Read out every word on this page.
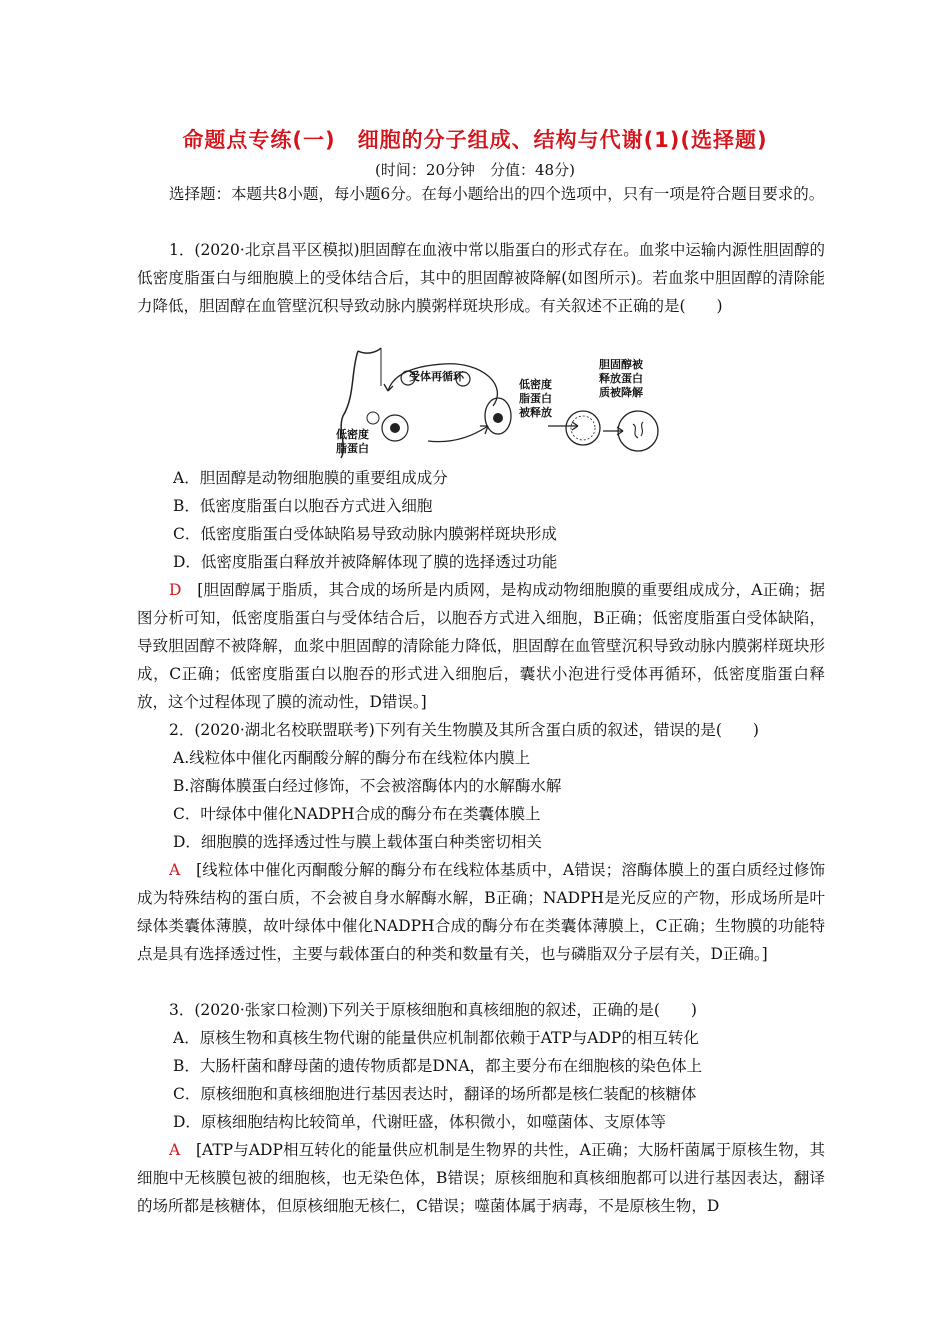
命题点专练(一)　细胞的分子组成、结构与代谢(1)(选择题)
(时间：20分钟　分值：48分)
选择题：本题共8小题，每小题6分。在每小题给出的四个选项中，只有一项是符合题目要求的。
1．(2020·北京昌平区模拟)胆固醇在血液中常以脂蛋白的形式存在。血浆中运输内源性胆固醇的低密度脂蛋白与细胞膜上的受体结合后，其中的胆固醇被降解(如图所示)。若血浆中胆固醇的清除能力降低，胆固醇在血管壁沉积导致动脉内膜粥样斑块形成。有关叙述不正确的是(　　)
受体再循环
低密度
脂蛋白
低密度
脂蛋白
被释放
胆固醇被
释放蛋白
质被降解
A．胆固醇是动物细胞膜的重要组成成分
B．低密度脂蛋白以胞吞方式进入细胞
C．低密度脂蛋白受体缺陷易导致动脉内膜粥样斑块形成
D．低密度脂蛋白释放并被降解体现了膜的选择透过功能
D　 [胆固醇属于脂质，其合成的场所是内质网，是构成动物细胞膜的重要组成成分，A正确；据图分析可知，低密度脂蛋白与受体结合后，以胞吞方式进入细胞，B正确；低密度脂蛋白受体缺陷，导致胆固醇不被降解，血浆中胆固醇的清除能力降低，胆固醇在血管壁沉积导致动脉内膜粥样斑块形成，C正确；低密度脂蛋白以胞吞的形式进入细胞后，囊状小泡进行受体再循环，低密度脂蛋白释放，这个过程体现了膜的流动性，D错误。]
2．(2020·湖北名校联盟联考)下列有关生物膜及其所含蛋白质的叙述，错误的是(　　)
A.线粒体中催化丙酮酸分解的酶分布在线粒体内膜上
B.溶酶体膜蛋白经过修饰，不会被溶酶体内的水解酶水解
C．叶绿体中催化NADPH合成的酶分布在类囊体膜上
D．细胞膜的选择透过性与膜上载体蛋白种类密切相关
A　 [线粒体中催化丙酮酸分解的酶分布在线粒体基质中，A错误；溶酶体膜上的蛋白质经过修饰成为特殊结构的蛋白质，不会被自身水解酶水解，B正确；NADPH是光反应的产物，形成场所是叶绿体类囊体薄膜，故叶绿体中催化NADPH合成的酶分布在类囊体薄膜上，C正确；生物膜的功能特点是具有选择透过性，主要与载体蛋白的种类和数量有关，也与磷脂双分子层有关，D正确。]
3．(2020·张家口检测)下列关于原核细胞和真核细胞的叙述，正确的是(　　)
A．原核生物和真核生物代谢的能量供应机制都依赖于ATP与ADP的相互转化
B．大肠杆菌和酵母菌的遗传物质都是DNA，都主要分布在细胞核的染色体上
C．原核细胞和真核细胞进行基因表达时，翻译的场所都是核仁装配的核糖体
D．原核细胞结构比较简单，代谢旺盛，体积微小，如噬菌体、支原体等
A　 [ATP与ADP相互转化的能量供应机制是生物界的共性，A正确；大肠杆菌属于原核生物，其细胞中无核膜包被的细胞核，也无染色体，B错误；原核细胞和真核细胞都可以进行基因表达，翻译的场所都是核糖体，但原核细胞无核仁，C错误；噬菌体属于病毒，不是原核生物，D
